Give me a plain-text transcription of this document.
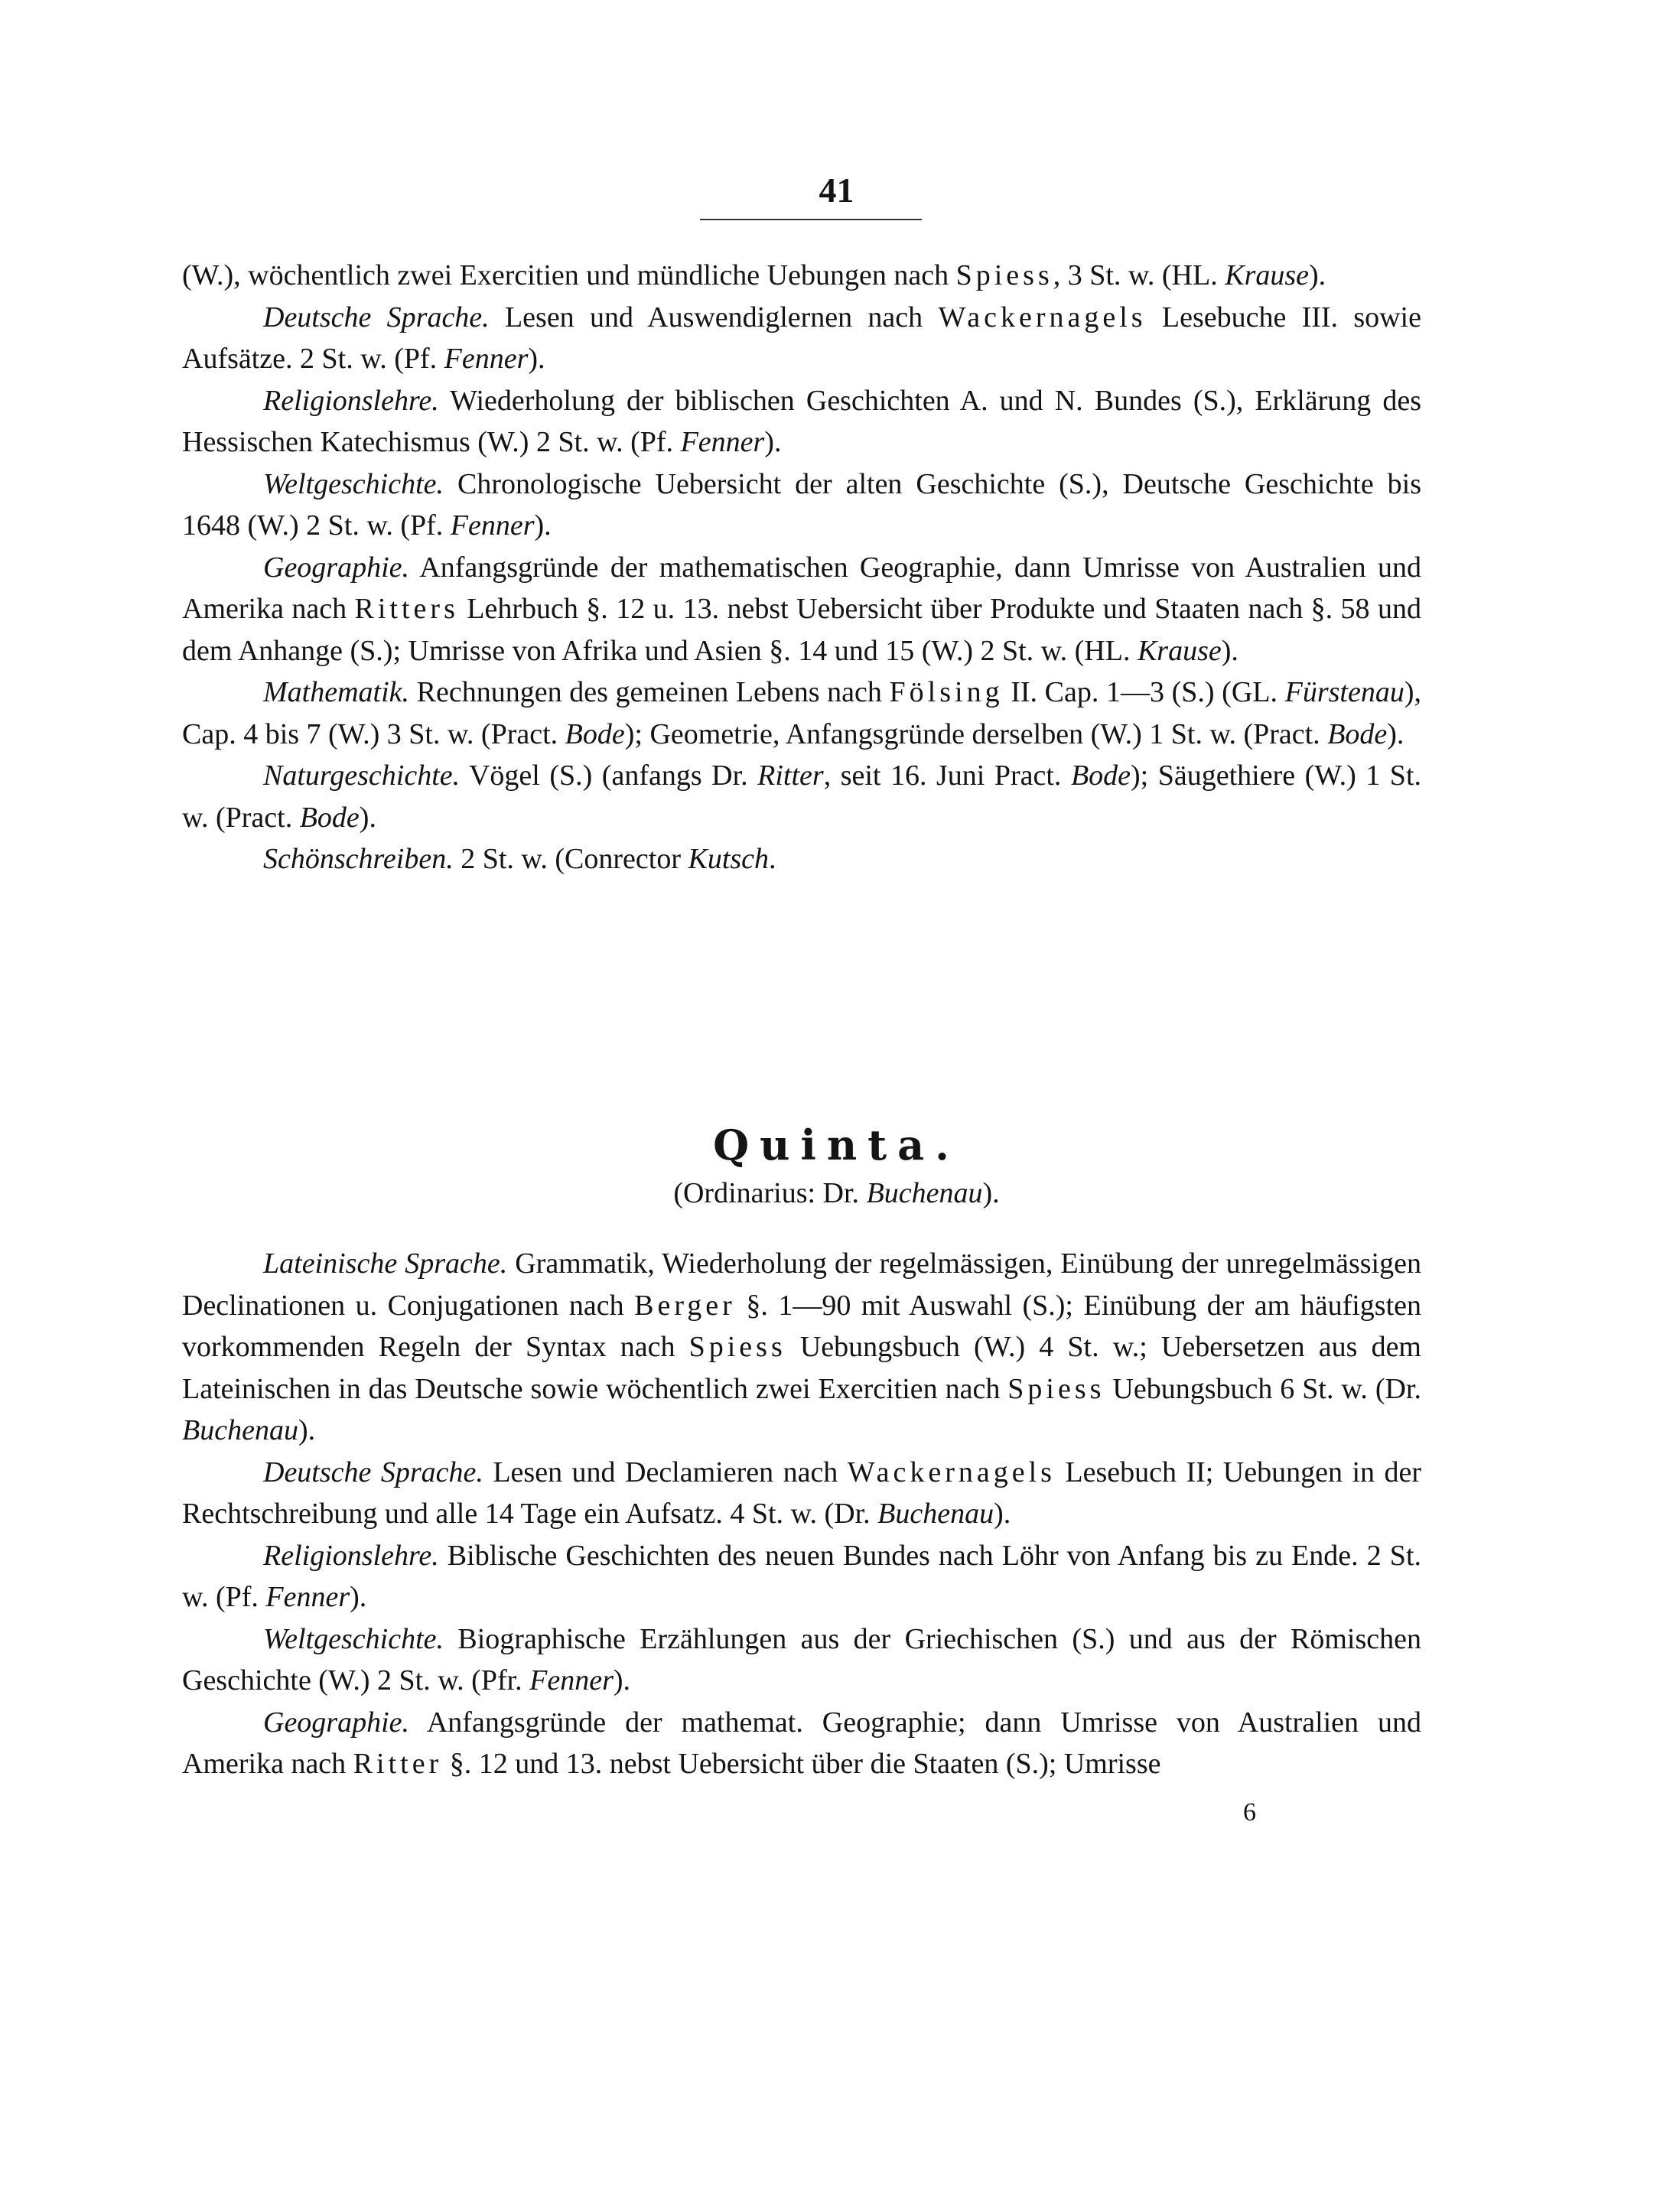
41

(W.), wöchentlich zwei Exercitien und mündliche Uebungen nach Spiess, 3 St. w. (HL. Krause).

Deutsche Sprache. Lesen und Auswendiglernen nach Wackernagels Lesebuche III. sowie Aufsätze. 2 St. w. (Pf. Fenner).

Religionslehre. Wiederholung der biblischen Geschichten A. und N. Bundes (S.), Erklärung des Hessischen Katechismus (W.) 2 St. w. (Pf. Fenner).

Weltgeschichte. Chronologische Uebersicht der alten Geschichte (S.), Deutsche Geschichte bis 1648 (W.) 2 St. w. (Pf. Fenner).

Geographie. Anfangsgründe der mathematischen Geographie, dann Umrisse von Australien und Amerika nach Ritters Lehrbuch §. 12 u. 13. nebst Uebersicht über Produkte und Staaten nach §. 58 und dem Anhange (S.); Umrisse von Afrika und Asien §. 14 und 15 (W.) 2 St. w. (HL. Krause).

Mathematik. Rechnungen des gemeinen Lebens nach Fölsing II. Cap. 1—3 (S.) (GL. Fürstenau), Cap. 4 bis 7 (W.) 3 St. w. (Pract. Bode); Geometrie, Anfangsgründe derselben (W.) 1 St. w. (Pract. Bode).

Naturgeschichte. Vögel (S.) (anfangs Dr. Ritter, seit 16. Juni Pract. Bode); Säugethiere (W.) 1 St. w. (Pract. Bode).

Schönschreiben. 2 St. w. (Conrector Kutsch.

Quinta.
(Ordinarius: Dr. Buchenau).

Lateinische Sprache. Grammatik, Wiederholung der regelmässigen, Einübung der unregelmässigen Declinationen u. Conjugationen nach Berger §. 1—90 mit Auswahl (S.); Einübung der am häufigsten vorkommenden Regeln der Syntax nach Spiess Uebungsbuch (W.) 4 St. w.; Uebersetzen aus dem Lateinischen in das Deutsche sowie wöchentlich zwei Exercitien nach Spiess Uebungsbuch 6 St. w. (Dr. Buchenau).

Deutsche Sprache. Lesen und Declamieren nach Wackernagels Lesebuch II; Uebungen in der Rechtschreibung und alle 14 Tage ein Aufsatz. 4 St. w. (Dr. Buchenau).

Religionslehre. Biblische Geschichten des neuen Bundes nach Löhr von Anfang bis zu Ende. 2 St. w. (Pf. Fenner).

Weltgeschichte. Biographische Erzählungen aus der Griechischen (S.) und aus der Römischen Geschichte (W.) 2 St. w. (Pfr. Fenner).

Geographie. Anfangsgründe der mathemat. Geographie; dann Umrisse von Australien und Amerika nach Ritter §. 12 und 13. nebst Uebersicht über die Staaten (S.); Umrisse

6
